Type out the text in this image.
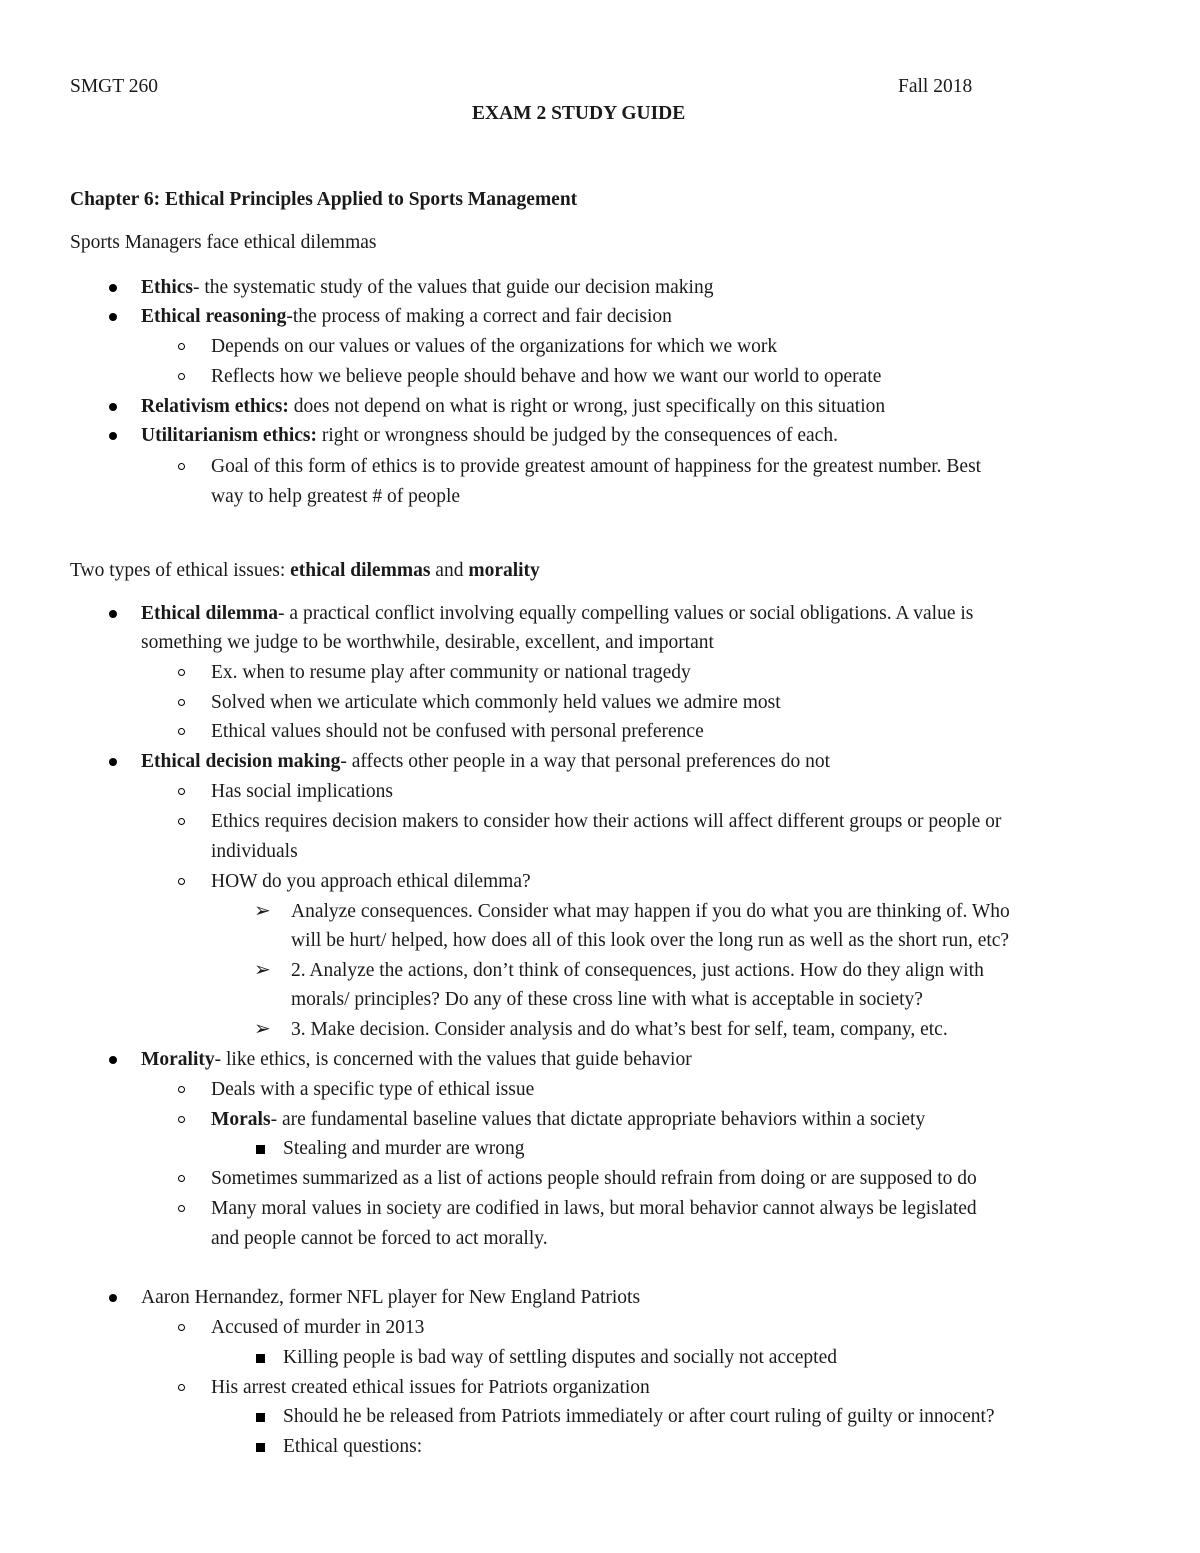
SMGT 260	Fall 2018
EXAM 2 STUDY GUIDE
Chapter 6: Ethical Principles Applied to Sports Management
Sports Managers face ethical dilemmas
Ethics- the systematic study of the values that guide our decision making
Ethical reasoning-the process of making a correct and fair decision
Depends on our values or values of the organizations for which we work
Reflects how we believe people should behave and how we want our world to operate
Relativism ethics: does not depend on what is right or wrong, just specifically on this situation
Utilitarianism ethics: right or wrongness should be judged by the consequences of each.
Goal of this form of ethics is to provide greatest amount of happiness for the greatest number. Best
way to help greatest # of people
Two types of ethical issues: ethical dilemmas and morality
Ethical dilemma- a practical conflict involving equally compelling values or social obligations. A value is
something we judge to be worthwhile, desirable, excellent, and important
Ex. when to resume play after community or national tragedy
Solved when we articulate which commonly held values we admire most
Ethical values should not be confused with personal preference
Ethical decision making- affects other people in a way that personal preferences do not
Has social implications
Ethics requires decision makers to consider how their actions will affect different groups or people or
individuals
HOW do you approach ethical dilemma?
➢ Analyze consequences. Consider what may happen if you do what you are thinking of. Who
will be hurt/ helped, how does all of this look over the long run as well as the short run, etc?
➢ 2. Analyze the actions, don’t think of consequences, just actions. How do they align with
morals/ principles? Do any of these cross line with what is acceptable in society?
➢ 3. Make decision. Consider analysis and do what’s best for self, team, company, etc.
Morality- like ethics, is concerned with the values that guide behavior
Deals with a specific type of ethical issue
Morals- are fundamental baseline values that dictate appropriate behaviors within a society
Stealing and murder are wrong
Sometimes summarized as a list of actions people should refrain from doing or are supposed to do
Many moral values in society are codified in laws, but moral behavior cannot always be legislated
and people cannot be forced to act morally.
Aaron Hernandez, former NFL player for New England Patriots
Accused of murder in 2013
Killing people is bad way of settling disputes and socially not accepted
His arrest created ethical issues for Patriots organization
Should he be released from Patriots immediately or after court ruling of guilty or innocent?
Ethical questions:
